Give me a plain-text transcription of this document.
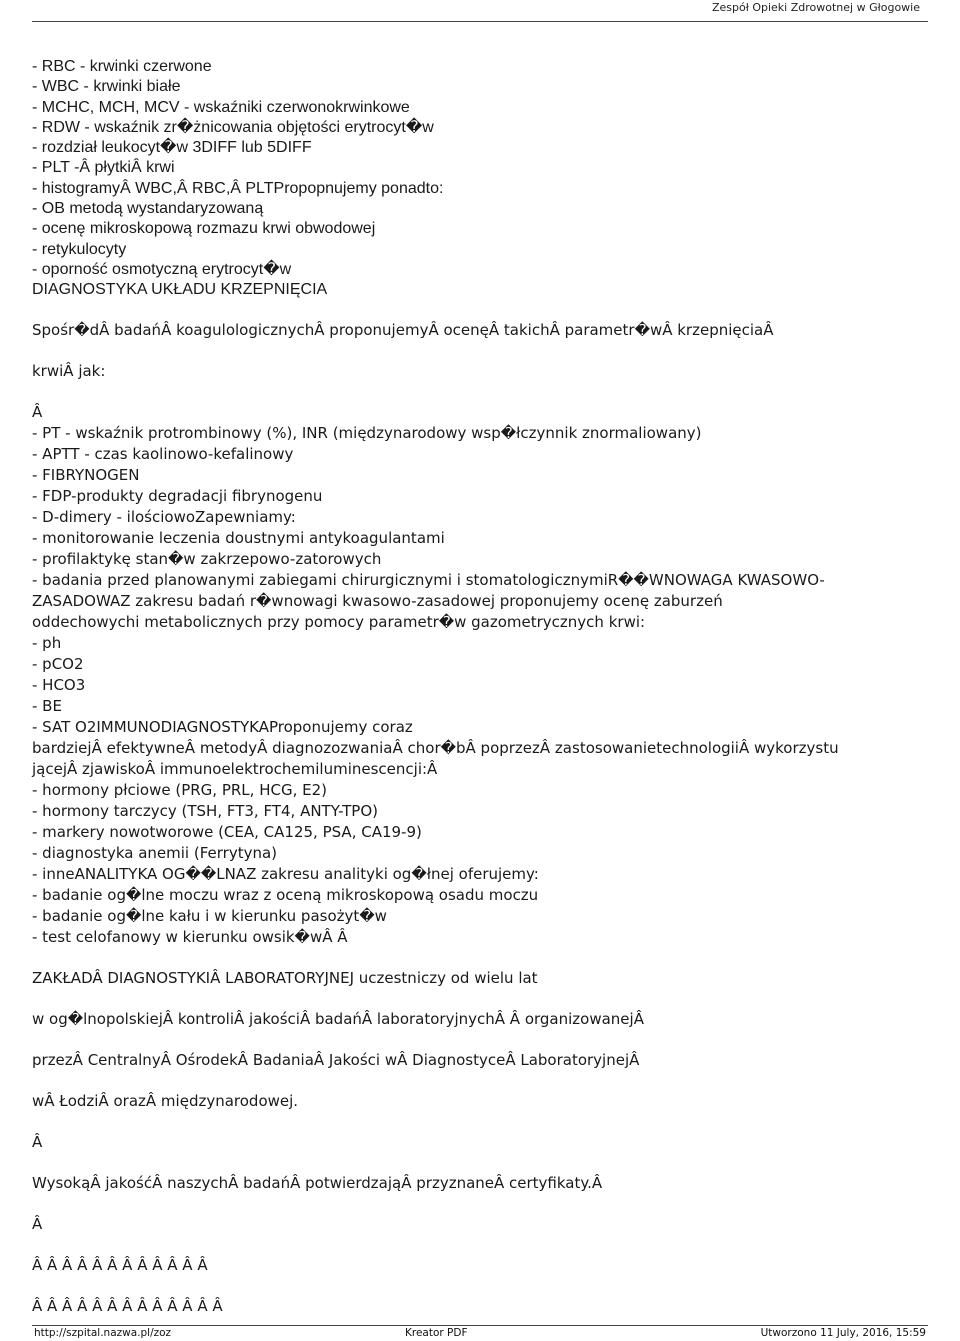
Zespół Opieki Zdrowotnej w Głogowie
- RBC - krwinki czerwone
- WBC - krwinki białe
- MCHC, MCH, MCV - wskaźniki czerwonokrwinkowe
- RDW - wskaźnik zr�żnicowania objętości erytrocyt�w
- rozdział leukocyt�w 3DIFF lub 5DIFF
- PLT -Â płytkiÂ krwi
- histogramyÂ WBC,Â RBC,Â PLTPropopnujemy ponadto:
- OB metodą wystandaryzowaną
- ocenę mikroskopową rozmazu krwi obwodowej
- retykulocyty
- oporność osmotyczną erytrocyt�w
DIAGNOSTYKA UKŁADU KRZEPNIĘCIA
Spośr�dÂ badańÂ koagulologicznychÂ proponujemyÂ ocenęÂ takichÂ parametr�wÂ krzepnięciaÂ
krwiÂ jak:
Â
- PT - wskaźnik protrombinowy (%), INR (międzynarodowy wsp�łczynnik znormaliowany)
- APTT - czas kaolinowo-kefalinowy
- FIBRYNOGEN
- FDP-produkty degradacji fibrynogenu
- D-dimery - ilościowoZapewniamy:
- monitorowanie leczenia doustnymi antykoagulantami
- profilaktykę stan�w zakrzepowo-zatorowych
- badania przed planowanymi zabiegami chirurgicznymi i stomatologicznymiR��WNOWAGA KWASOWO-
ZASADOWAZ zakresu badań r�wnowagi kwasowo-zasadowej proponujemy ocenę zaburzeń
oddechowychi metabolicznych przy pomocy parametr�w gazometrycznych krwi:
- ph
- pCO2
- HCO3
- BE
- SAT O2IMMUNODIAGNOSTYKAProponujemy coraz
bardziejÂ efektywneÂ metodyÂ diagnozozwaniaÂ chor�bÂ poprzezÂ zastosowanietechnologiiÂ wykorzystu
jącejÂ zjawiskoÂ immunoelektrochemiluminescencji:Â
- hormony płciowe (PRG, PRL, HCG, E2)
- hormony tarczycy (TSH, FT3, FT4, ANTY-TPO)
- markery nowotworowe (CEA, CA125, PSA, CA19-9)
- diagnostyka anemii (Ferrytyna)
- inneANALITYKA OG��LNAZ zakresu analityki og�łnej oferujemy:
- badanie og�lne moczu wraz z oceną mikroskopową osadu moczu
- badanie og�lne kału i w kierunku pasożyt�w
- test celofanowy w kierunku owsik�wÂ Â
ZAKŁADÂ DIAGNOSTYKIÂ LABORATORYJNEJ uczestniczy od wielu lat
w og�lnopolskiejÂ kontroliÂ jakościÂ badańÂ laboratoryjnychÂ Â organizowanejÂ
przezÂ CentralnyÂ OśrodekÂ BadaniaÂ Jakości wÂ DiagnostyceÂ LaboratoryjnejÂ
wÂ ŁodziÂ orazÂ międzynarodowej.
Â
WysokąÂ jakośćÂ naszychÂ badańÂ potwierdzająÂ przyznaneÂ certyfikaty.Â
Â
Â Â Â Â Â Â Â Â Â Â Â Â
Â Â Â Â Â Â Â Â Â Â Â Â Â
http://szpital.nazwa.pl/zoz	Kreator PDF	Utworzono 11 July, 2016, 15:59
